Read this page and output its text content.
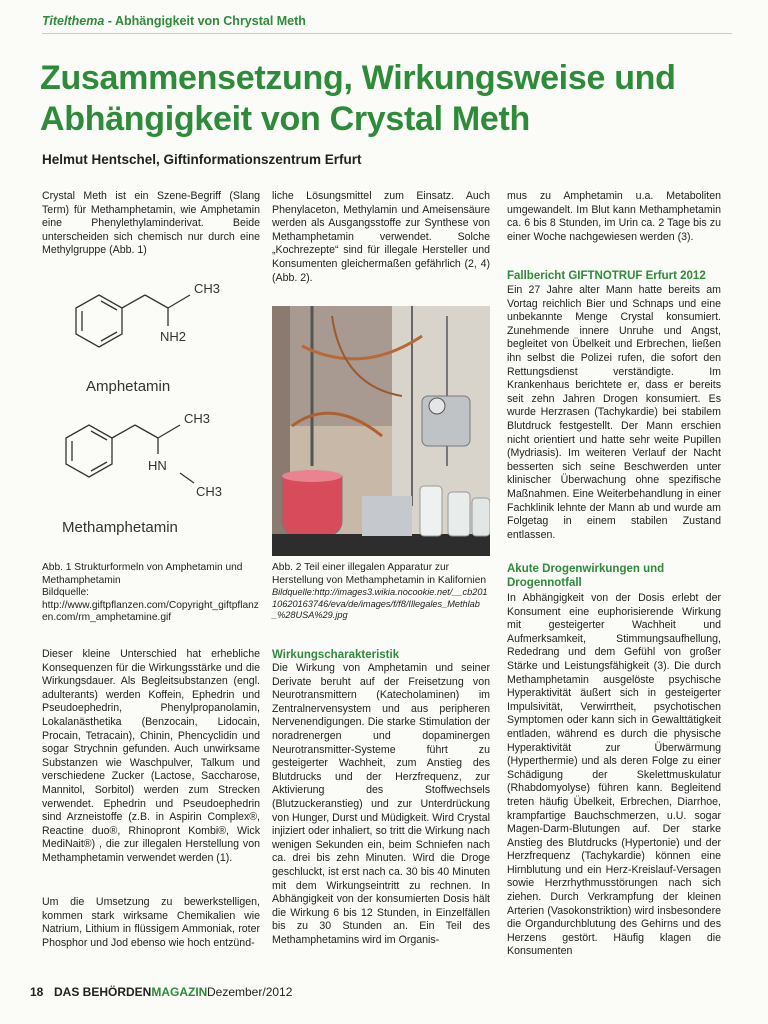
Titelthema - Abhängigkeit von Chrystal Meth
Zusammensetzung, Wirkungsweise und Abhängigkeit von Crystal Meth
Helmut Hentschel, Giftinformationszentrum Erfurt
Crystal Meth ist ein Szene-Begriff (Slang Term) für Methamphetamin, wie Amphetamin eine Phenylethylaminderivat. Beide unterscheiden sich chemisch nur durch eine Methylgruppe (Abb. 1)
CH3
NH2
Amphetamin
CH3
HN
CH3
Methamphetamin
Abb. 1 Strukturformeln von Amphetamin und Methamphetamin
Bildquelle:
http://www.giftpflanzen.com/Copyright_giftpflanzen.com/rm_amphetamine.gif
Dieser kleine Unterschied hat erhebliche Konsequenzen für die Wirkungsstärke und die Wirkungsdauer. Als Begleitsubstanzen (engl. adulterants) werden Koffein, Ephedrin und Pseudoephedrin, Phenylpropanolamin, Lokalanästhetika (Benzocain, Lidocain, Procain, Tetracain), Chinin, Phencyclidin und sogar Strychnin gefunden. Auch unwirksame Substanzen wie Waschpulver, Talkum und verschiedene Zucker (Lactose, Saccharose, Mannitol, Sorbitol) werden zum Strecken verwendet. Ephedrin und Pseudoephedrin sind Arzneistoffe (z.B. in Aspirin Complex®, Reactine duo®, Rhinopront Kombi®, Wick MediNait®) , die zur illegalen Herstellung von Methamphetamin verwendet werden (1).
Um die Umsetzung zu bewerkstelligen, kommen stark wirksame Chemikalien wie Natrium, Lithium in flüssigem Ammoniak, roter Phosphor und Jod ebenso wie hoch entzünd-
liche Lösungsmittel zum Einsatz. Auch Phenylaceton, Methylamin und Ameisensäure werden als Ausgangsstoffe zur Synthese von Methamphetamin verwendet. Solche „Kochrezepte“ sind für illegale Hersteller und Konsumenten gleichermaßen gefährlich (2, 4) (Abb. 2).
Abb. 2 Teil einer illegalen Apparatur zur Herstellung von Methamphetamin in Kalifornien
Bildquelle:http://images3.wikia.nocookie.net/__cb20110620163746/eva/de/images/f/f8/Illegales_Methlab_%28USA%29.jpg
Wirkungscharakteristik
Die Wirkung von Amphetamin und seiner Derivate beruht auf der Freisetzung von Neurotransmittern (Katecholaminen) im Zentralnervensystem und aus peripheren Nervenendigungen. Die starke Stimulation der noradrenergen und dopaminergen Neurotransmitter-Systeme führt zu gesteigerter Wachheit, zum Anstieg des Blutdrucks und der Herzfrequenz, zur Aktivierung des Stoffwechsels (Blutzuckeranstieg) und zur Unterdrückung von Hunger, Durst und Müdigkeit. Wird Crystal injiziert oder inhaliert, so tritt die Wirkung nach wenigen Sekunden ein, beim Schniefen nach ca. drei bis zehn Minuten. Wird die Droge geschluckt, ist erst nach ca. 30 bis 40 Minuten mit dem Wirkungseintritt zu rechnen. In Abhängigkeit von der konsumierten Dosis hält die Wirkung 6 bis 12 Stunden, in Einzelfällen bis zu 30 Stunden an. Ein Teil des Methamphetamins wird im Organis-
mus zu Amphetamin u.a. Metaboliten umgewandelt. Im Blut kann Methamphetamin ca. 6 bis 8 Stunden, im Urin ca. 2 Tage bis zu einer Woche nachgewiesen werden (3).
Fallbericht GIFTNOTRUF Erfurt 2012
Ein 27 Jahre alter Mann hatte bereits am Vortag reichlich Bier und Schnaps und eine unbekannte Menge Crystal konsumiert. Zunehmende innere Unruhe und Angst, begleitet von Übelkeit und Erbrechen, ließen ihn selbst die Polizei rufen, die sofort den Rettungsdienst verständigte. Im Krankenhaus berichtete er, dass er bereits seit zehn Jahren Drogen konsumiert. Es wurde Herzrasen (Tachykardie) bei stabilem Blutdruck festgestellt. Der Mann erschien nicht orientiert und hatte sehr weite Pupillen (Mydriasis). Im weiteren Verlauf der Nacht besserten sich seine Beschwerden unter klinischer Überwachung ohne spezifische Maßnahmen. Eine Weiterbehandlung in einer Fachklinik lehnte der Mann ab und wurde am Folgetag in einem stabilen Zustand entlassen.
Akute Drogenwirkungen und Drogennotfall
In Abhängigkeit von der Dosis erlebt der Konsument eine euphorisierende Wirkung mit gesteigerter Wachheit und Aufmerksamkeit, Stimmungsaufhellung, Rededrang und dem Gefühl von großer Stärke und Leistungsfähigkeit (3). Die durch Methamphetamin ausgelöste psychische Hyperaktivität äußert sich in gesteigerter Impulsivität, Verwirrtheit, psychotischen Symptomen oder kann sich in Gewalttätigkeit entladen, während es durch die physische Hyperaktivität zur Überwärmung (Hyperthermie) und als deren Folge zu einer Schädigung der Skelettmuskulatur (Rhabdomyolyse) führen kann. Begleitend treten häufig Übelkeit, Erbrechen, Diarrhoe, krampfartige Bauchschmerzen, u.U. sogar Magen-Darm-Blutungen auf. Der starke Anstieg des Blutdrucks (Hypertonie) und der Herzfrequenz (Tachykardie) können eine Hirnblutung und ein Herz-Kreislauf-Versagen sowie Herzrhythmusstörungen nach sich ziehen. Durch Verkrampfung der kleinen Arterien (Vasokonstriktion) wird insbesondere die Organdurchblutung des Gehirns und des Herzens gestört. Häufig klagen die Konsumenten
18 DAS BEHÖRDENMAGAZIN Dezember/2012
